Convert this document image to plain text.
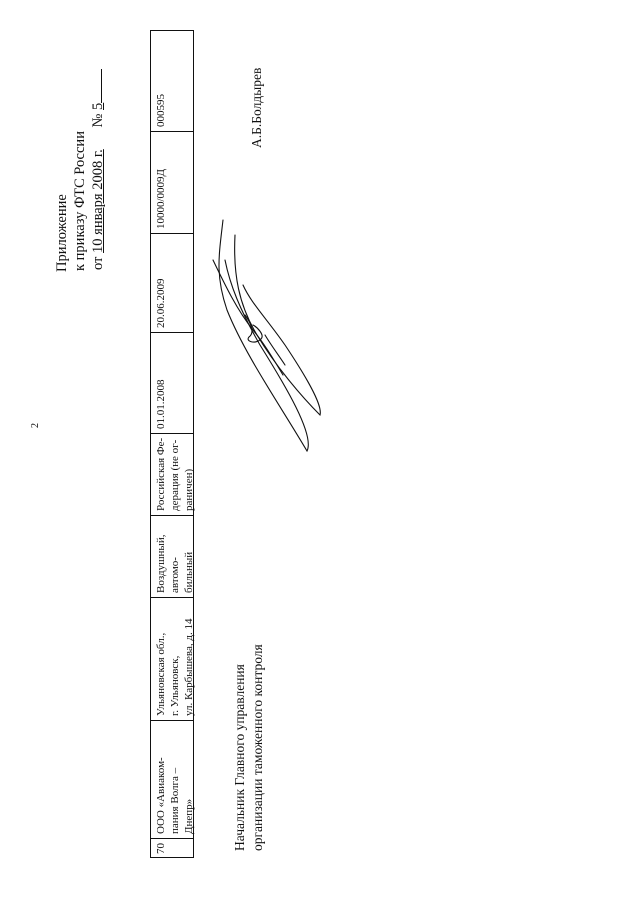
2
Приложение к приказу ФТС России от 10 января 2008 г.      № 5
70
ООО «Авиаком- пания Волга – Днепр»
Ульяновская обл., г. Ульяновск, ул. Карбышева, д. 14
Воздушный, автомо- бильный
Российская Фе- дерация (не ог- раничен)
01.01.2008
20.06.2009
10000/0009Д
000595
Начальник Главного управления организации таможенного контроля
А.Б.Болдырев
